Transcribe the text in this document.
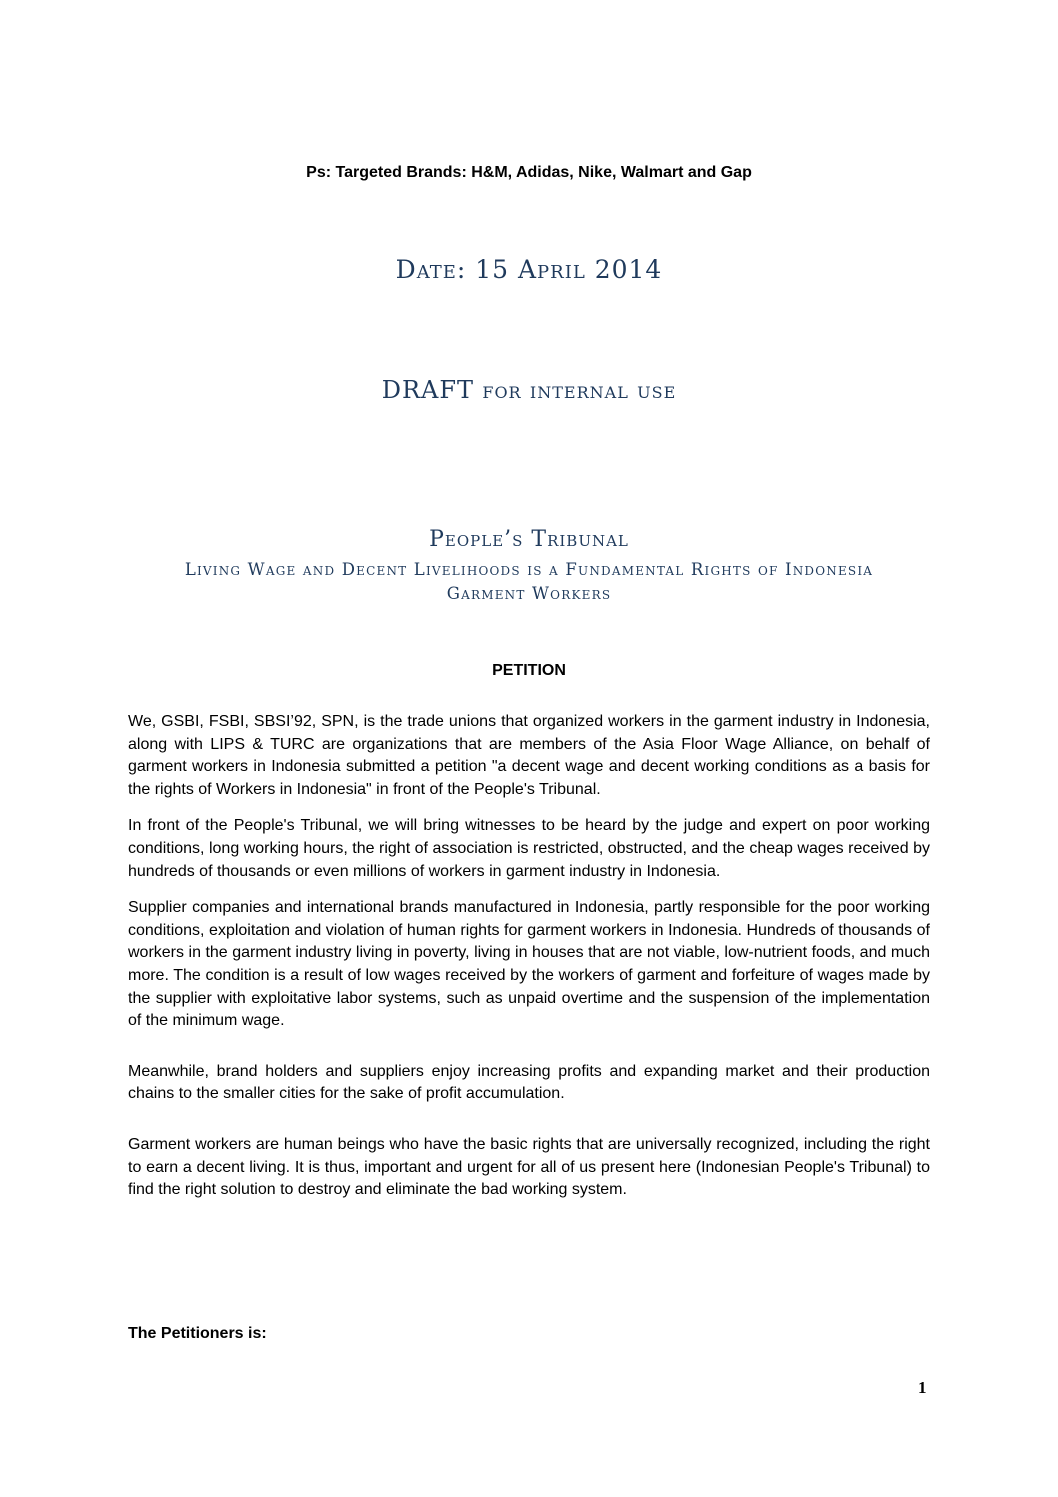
Ps: Targeted Brands: H&M, Adidas, Nike, Walmart and Gap
Date: 15 April 2014
DRAFT for internal use
People’s Tribunal
Living Wage and Decent Livelihoods is a Fundamental Rights of Indonesia
Garment Workers
PETITION

We, GSBI, FSBI, SBSI’92, SPN, is the trade unions that organized workers in the garment industry in Indonesia, along with LIPS & TURC are organizations that are members of the Asia Floor Wage Alliance, on behalf of garment workers in Indonesia submitted a petition "a decent wage and decent working conditions as a basis for the rights of Workers in Indonesia" in front of the People's Tribunal.

In front of the People's Tribunal, we will bring witnesses to be heard by the judge and expert on poor working conditions, long working hours, the right of association is restricted, obstructed, and the cheap wages received by hundreds of thousands or even millions of workers in garment industry in Indonesia.

Supplier companies and international brands manufactured in Indonesia, partly responsible for the poor working conditions, exploitation and violation of human rights for garment workers in Indonesia. Hundreds of thousands of workers in the garment industry living in poverty, living in houses that are not viable, low-nutrient foods, and much more. The condition is a result of low wages received by the workers of garment and forfeiture of wages made by the supplier with exploitative labor systems, such as unpaid overtime and the suspension of the implementation of the minimum wage.

Meanwhile, brand holders and suppliers enjoy increasing profits and expanding market and their production chains to the smaller cities for the sake of profit accumulation.

Garment workers are human beings who have the basic rights that are universally recognized, including the right to earn a decent living. It is thus, important and urgent for all of us present here (Indonesian People's Tribunal) to find the right solution to destroy and eliminate the bad working system.

The Petitioners is:
1
